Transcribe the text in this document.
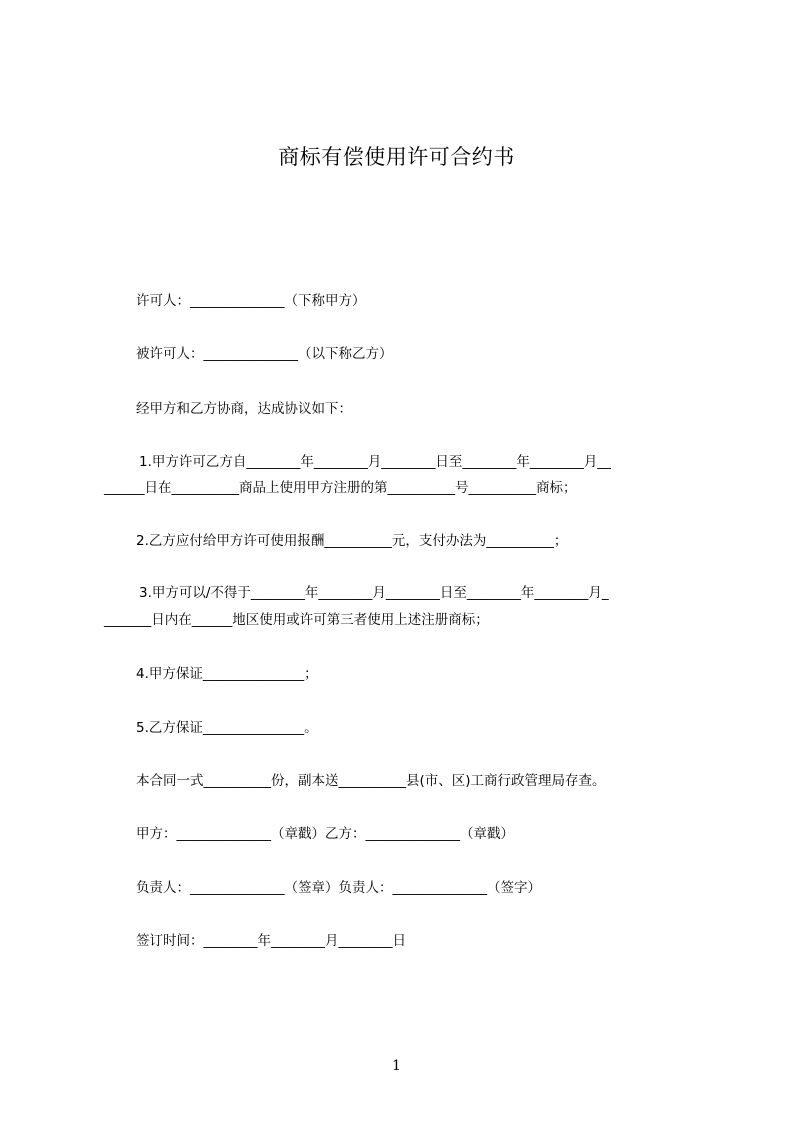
商标有偿使用许可合约书
许可人：______________（下称甲方）
被许可人：______________（以下称乙方）
经甲方和乙方协商，达成协议如下：
1.甲方许可乙方自________年________月________日至________年________月__
______日在__________商品上使用甲方注册的第__________号__________商标；
2.乙方应付给甲方许可使用报酬__________元，支付办法为__________；
3.甲方可以/不得于________年________月________日至________年________月_
_______日内在______地区使用或许可第三者使用上述注册商标；
4.甲方保证_______________；
5.乙方保证_______________。
本合同一式__________份，副本送__________县(市、区)工商行政管理局存查。
甲方：______________（章戳）乙方：______________（章戳）
负责人：______________（签章）负责人：______________（签字）
签订时间：________年________月________日
1
